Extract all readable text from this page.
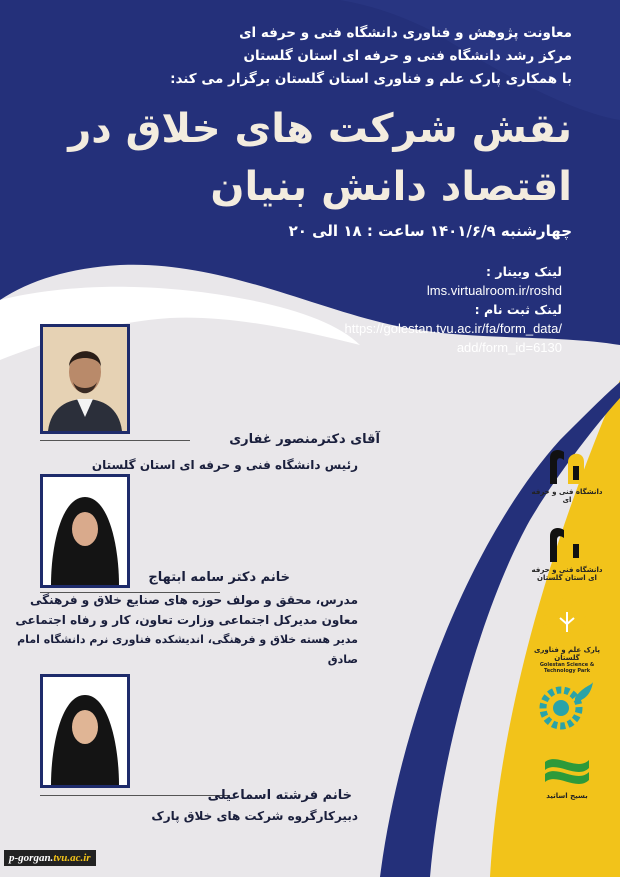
معاونت پژوهش و فناوری دانشگاه فنی و حرفه ای
مرکز رشد دانشگاه فنی و حرفه ای استان گلستان
با همکاری پارک علم و فناوری استان گلستان برگزار می کند:
نقش شرکت های خلاق در
اقتصاد دانش بنیان
چهارشنبه ۱۴۰۱/۶/۹ ساعت : ۱۸ الی ۲۰
لینک وبینار :
lms.virtualroom.ir/roshd
لینک ثبت نام :
https://golestan.tvu.ac.ir/fa/form_data/
add/form_id=6130
آقای دکترمنصور غفاری
رئیس دانشگاه فنی و حرفه ای استان گلستان
خانم دکتر سامه ابتهاج
مدرس، محقق و مولف حوزه های صنایع خلاق و فرهنگی
معاون مدیرکل اجتماعی وزارت تعاون، کار و رفاه اجتماعی
مدیر هسته خلاق و فرهنگی، اندیشکده فناوری نرم دانشگاه امام صادق
خانم فرشته اسماعیلی
دبیرکارگروه شرکت های خلاق پارک
دانشگاه فنی و حرفه ای
دانشگاه فنی و حرفه ای استان گلستان
پارک علم و فناوری گلستان
Golestan Science & Technology Park
بسیج اساتید
p-gorgan.tvu.ac.ir
